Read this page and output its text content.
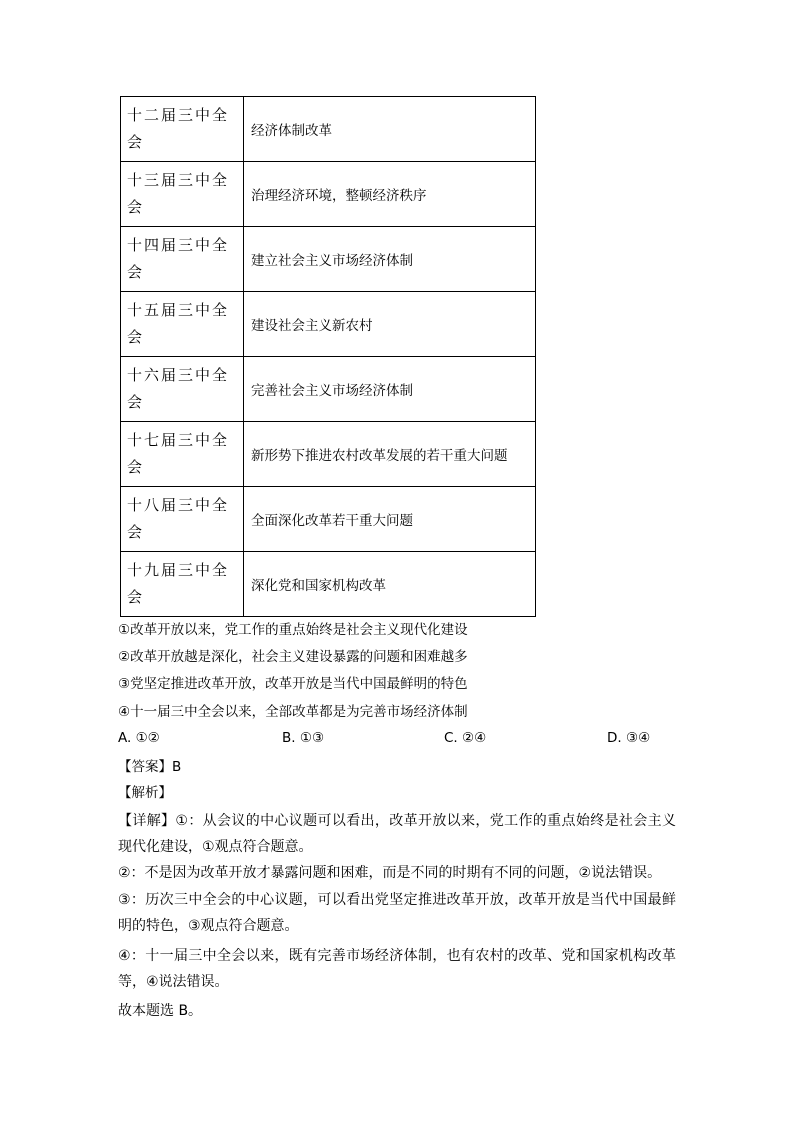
十二届三中全会	经济体制改革
十三届三中全会	治理经济环境，整顿经济秩序
十四届三中全会	建立社会主义市场经济体制
十五届三中全会	建设社会主义新农村
十六届三中全会	完善社会主义市场经济体制
十七届三中全会	新形势下推进农村改革发展的若干重大问题
十八届三中全会	全面深化改革若干重大问题
十九届三中全会	深化党和国家机构改革
①改革开放以来，党工作的重点始终是社会主义现代化建设
②改革开放越是深化，社会主义建设暴露的问题和困难越多
③党坚定推进改革开放，改革开放是当代中国最鲜明的特色
④十一届三中全会以来，全部改革都是为完善市场经济体制
A. ①②	B. ①③	C. ②④	D. ③④
【答案】B
【解析】
【详解】①：从会议的中心议题可以看出，改革开放以来，党工作的重点始终是社会主义现代化建设，①观点符合题意。
②：不是因为改革开放才暴露问题和困难，而是不同的时期有不同的问题，②说法错误。
③：历次三中全会的中心议题，可以看出党坚定推进改革开放，改革开放是当代中国最鲜明的特色，③观点符合题意。
④：十一届三中全会以来，既有完善市场经济体制，也有农村的改革、党和国家机构改革等，④说法错误。
故本题选 B。
